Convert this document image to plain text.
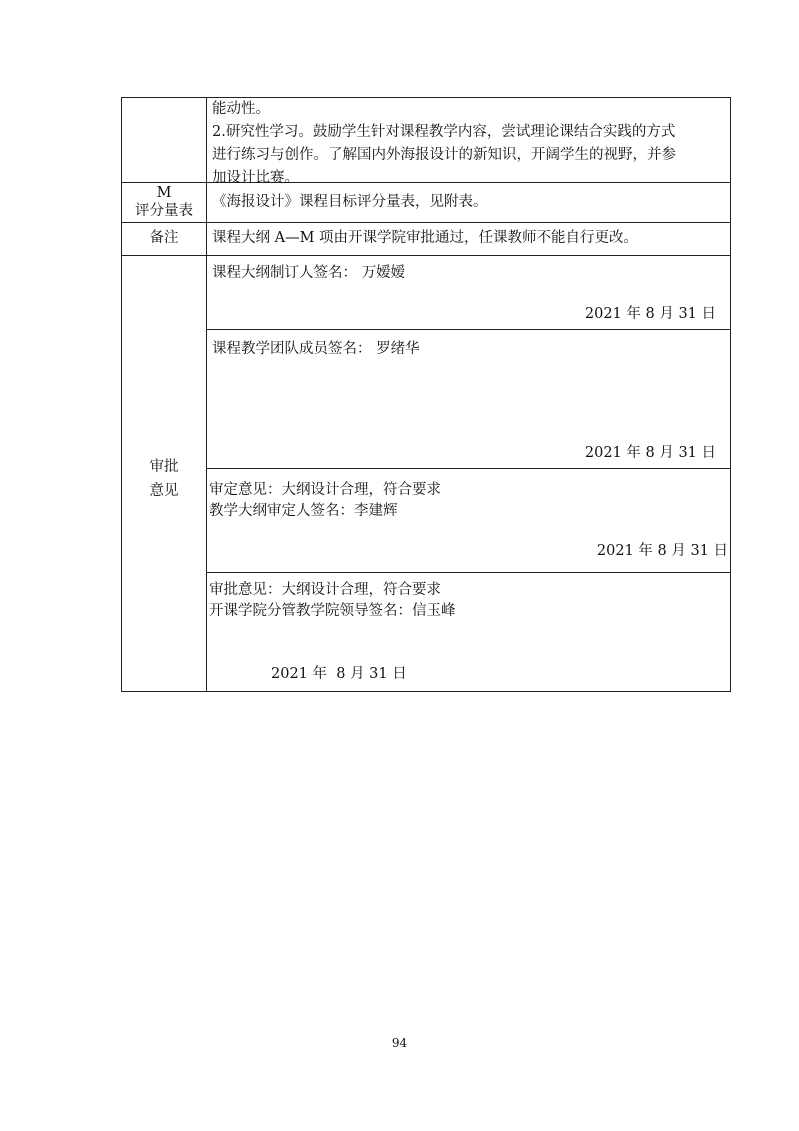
能动性。
2.研究性学习。鼓励学生针对课程教学内容，尝试理论课结合实践的方式
进行练习与创作。了解国内外海报设计的新知识，开阔学生的视野，并参
加设计比赛。
M
评分量表
《海报设计》课程目标评分量表，见附表。
备注	课程大纲 A—M 项由开课学院审批通过，任课教师不能自行更改。
审批
意见
课程大纲制订人签名： 万嫒嫒
2021 年 8 月 31 日
课程教学团队成员签名： 罗绪华
2021 年 8 月 31 日
审定意见：大纲设计合理，符合要求
教学大纲审定人签名：李建辉
2021 年 8 月 31 日
审批意见：大纲设计合理，符合要求
开课学院分管教学院领导签名：信玉峰
2021 年  8 月 31 日
94
